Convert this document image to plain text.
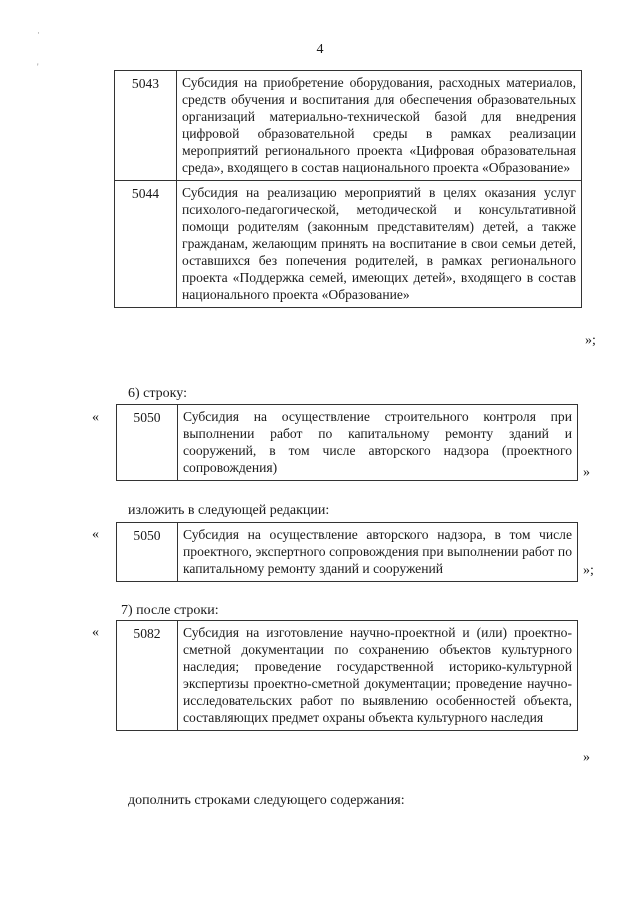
4
·
'
5043	Субсидия на приобретение оборудования, расходных материалов, средств обучения и воспитания для обеспечения образовательных организаций материально-технической базой для внедрения цифровой образовательной среды в рамках реализации мероприятий регионального проекта «Цифровая образовательная среда», входящего в состав национального проекта «Образование»
5044	Субсидия на реализацию мероприятий в целях оказания услуг психолого-педагогической, методической и консультативной помощи родителям (законным представителям) детей, а также гражданам, желающим принять на воспитание в свои семьи детей, оставшихся без попечения родителей, в рамках регионального проекта «Поддержка семей, имеющих детей», входящего в состав национального проекта «Образование»
»;
6) строку:
«	5050	Субсидия на осуществление строительного контроля при выполнении работ по капитальному ремонту зданий и сооружений, в том числе авторского надзора (проектного сопровождения)	»
изложить в следующей редакции:
«	5050	Субсидия на осуществление авторского надзора, в том числе проектного, экспертного сопровождения при выполнении работ по капитальному ремонту зданий и сооружений	»;
7) после строки:
«	5082	Субсидия на изготовление научно-проектной и (или) проектно-сметной документации по сохранению объектов культурного наследия; проведение государственной историко-культурной экспертизы проектно-сметной документации; проведение научно-исследовательских работ по выявлению особенностей объекта, составляющих предмет охраны объекта культурного наследия
»
дополнить строками следующего содержания:
